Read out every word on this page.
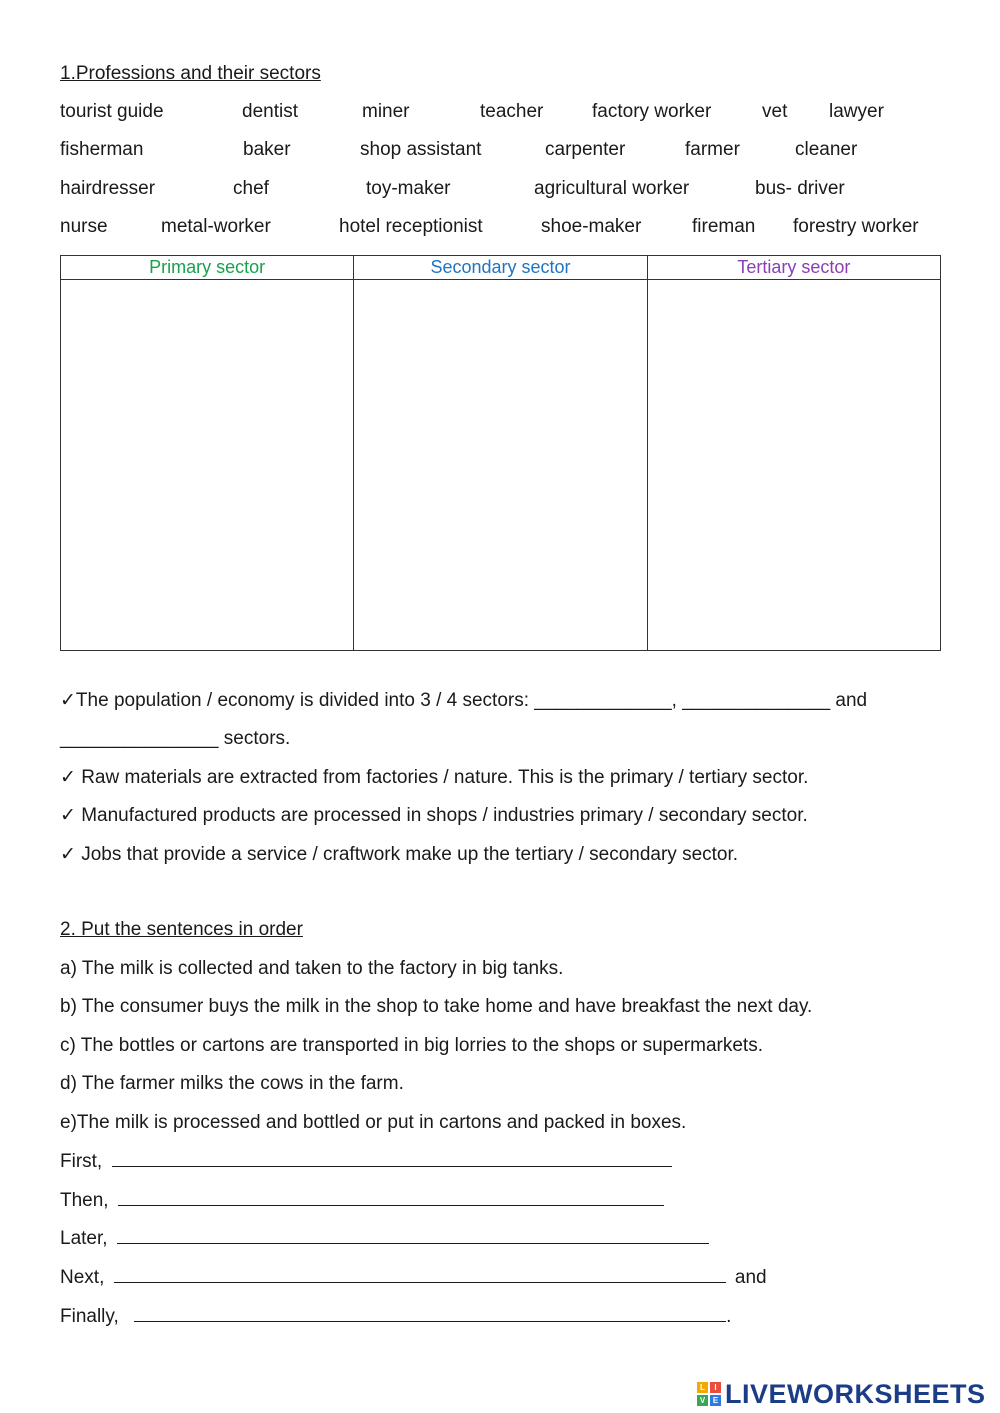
1.Professions and their sectors
tourist guide	dentist	miner	teacher	factory worker	vet lawyer
fisherman	baker	shop assistant	carpenter	farmer	cleaner
hairdresser	chef	toy-maker	agricultural worker	bus- driver
nurse	metal-worker	hotel receptionist	shoe-maker	fireman forestry worker
Primary sector	Secondary sector	Tertiary sector

✓The population / economy is divided into 3 / 4 sectors: _____________, ______________ and
_______________ sectors.
✓ Raw materials are extracted from factories / nature. This is the primary / tertiary sector.
✓ Manufactured products are processed in shops / industries primary / secondary sector.
✓ Jobs that provide a service / craftwork make up the tertiary / secondary sector.
2. Put the sentences in order
a) The milk is collected and taken to the factory in big tanks.
b) The consumer buys the milk in the shop to take home and have breakfast the next day.
c) The bottles or cartons are transported in big lorries to the shops or supermarkets.
d) The farmer milks the cows in the farm.
e)The milk is processed and bottled or put in cartons and packed in boxes.
First,
Then,
Later,
Next,	and
Finally,	.
L	I
V E LIVEWORKSHEETS
